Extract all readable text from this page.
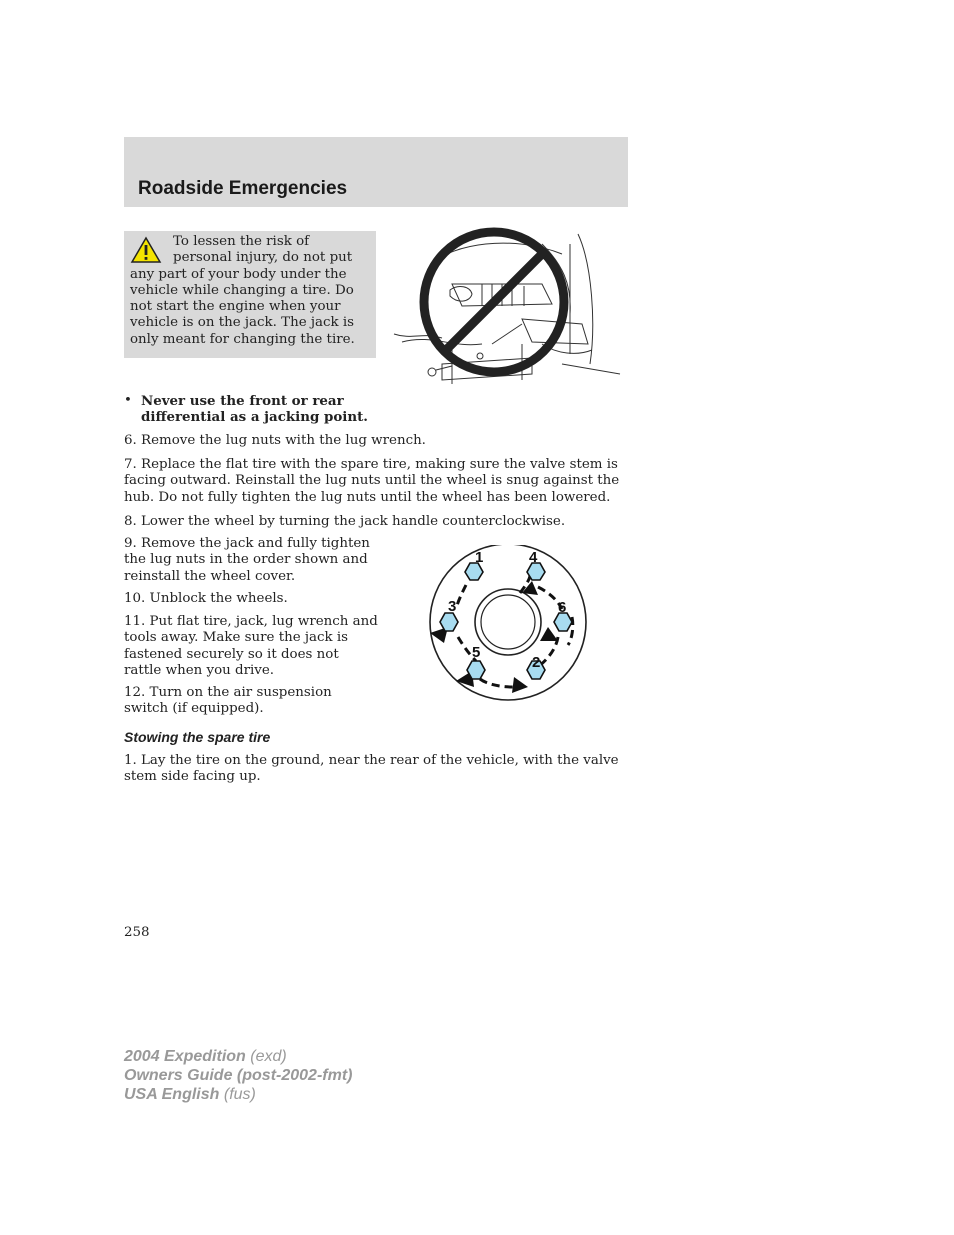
Roadside Emergencies
To lessen the risk of personal injury, do not put any part of your body under the vehicle while changing a tire. Do not start the engine when your vehicle is on the jack. The jack is only meant for changing the tire.
• Never use the front or rear differential as a jacking point.

6. Remove the lug nuts with the lug wrench.

7. Replace the flat tire with the spare tire, making sure the valve stem is facing outward. Reinstall the lug nuts until the wheel is snug against the hub. Do not fully tighten the lug nuts until the wheel has been lowered.

8. Lower the wheel by turning the jack handle counterclockwise.

9. Remove the jack and fully tighten the lug nuts in the order shown and reinstall the wheel cover.

10. Unblock the wheels.

11. Put flat tire, jack, lug wrench and tools away. Make sure the jack is fastened securely so it does not rattle when you drive.

12. Turn on the air suspension switch (if equipped).

1
2
3
4
5
6
Stowing the spare tire

1. Lay the tire on the ground, near the rear of the vehicle, with the valve stem side facing up.

258
2004 Expedition (exd)
Owners Guide (post-2002-fmt)
USA English (fus)
